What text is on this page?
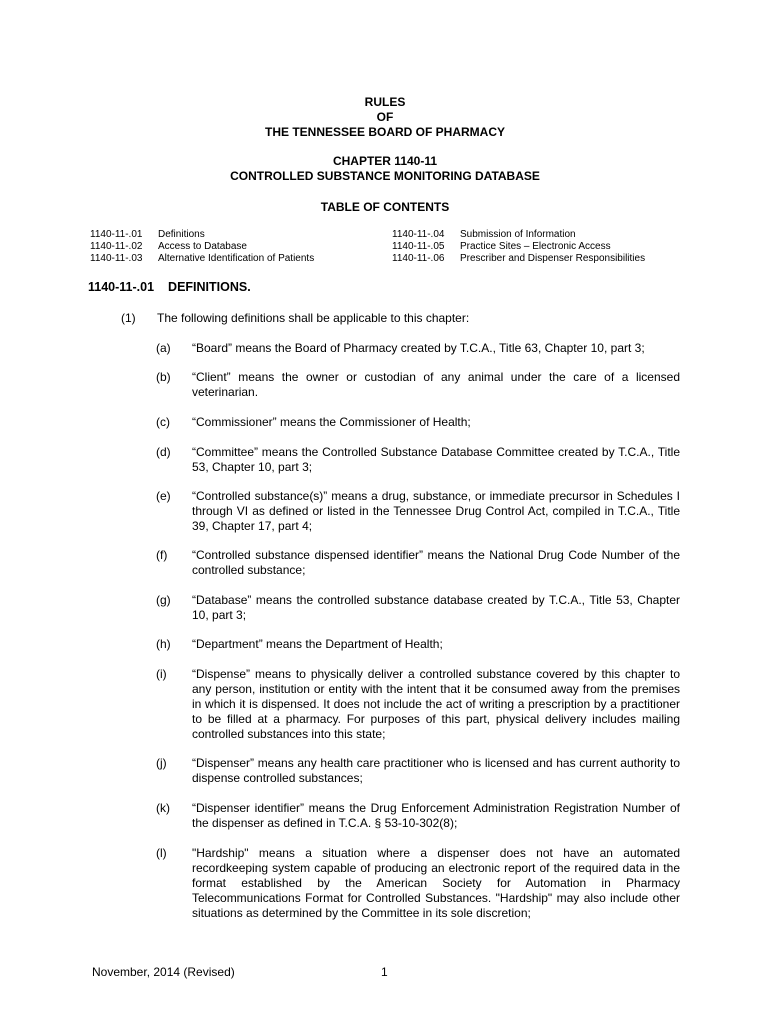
RULES
OF
THE TENNESSEE BOARD OF PHARMACY
CHAPTER 1140-11
CONTROLLED SUBSTANCE MONITORING DATABASE
TABLE OF CONTENTS
1140-11-.01 Definitions
1140-11-.02 Access to Database
1140-11-.03 Alternative Identification of Patients
1140-11-.04 Submission of Information
1140-11-.05 Practice Sites – Electronic Access
1140-11-.06 Prescriber and Dispenser Responsibilities
1140-11-.01 DEFINITIONS.
(1) The following definitions shall be applicable to this chapter:
(a) “Board” means the Board of Pharmacy created by T.C.A., Title 63, Chapter 10, part 3;
(b) “Client” means the owner or custodian of any animal under the care of a licensed veterinarian.
(c) “Commissioner” means the Commissioner of Health;
(d) “Committee” means the Controlled Substance Database Committee created by T.C.A., Title 53, Chapter 10, part 3;
(e) “Controlled substance(s)” means a drug, substance, or immediate precursor in Schedules I through VI as defined or listed in the Tennessee Drug Control Act, compiled in T.C.A., Title 39, Chapter 17, part 4;
(f) “Controlled substance dispensed identifier” means the National Drug Code Number of the controlled substance;
(g) “Database” means the controlled substance database created by T.C.A., Title 53, Chapter 10, part 3;
(h) “Department” means the Department of Health;
(i) “Dispense” means to physically deliver a controlled substance covered by this chapter to any person, institution or entity with the intent that it be consumed away from the premises in which it is dispensed. It does not include the act of writing a prescription by a practitioner to be filled at a pharmacy. For purposes of this part, physical delivery includes mailing controlled substances into this state;
(j) “Dispenser” means any health care practitioner who is licensed and has current authority to dispense controlled substances;
(k) “Dispenser identifier” means the Drug Enforcement Administration Registration Number of the dispenser as defined in T.C.A. § 53-10-302(8);
(l) "Hardship" means a situation where a dispenser does not have an automated recordkeeping system capable of producing an electronic report of the required data in the format established by the American Society for Automation in Pharmacy Telecommunications Format for Controlled Substances. "Hardship" may also include other situations as determined by the Committee in its sole discretion;
November, 2014 (Revised)	1
